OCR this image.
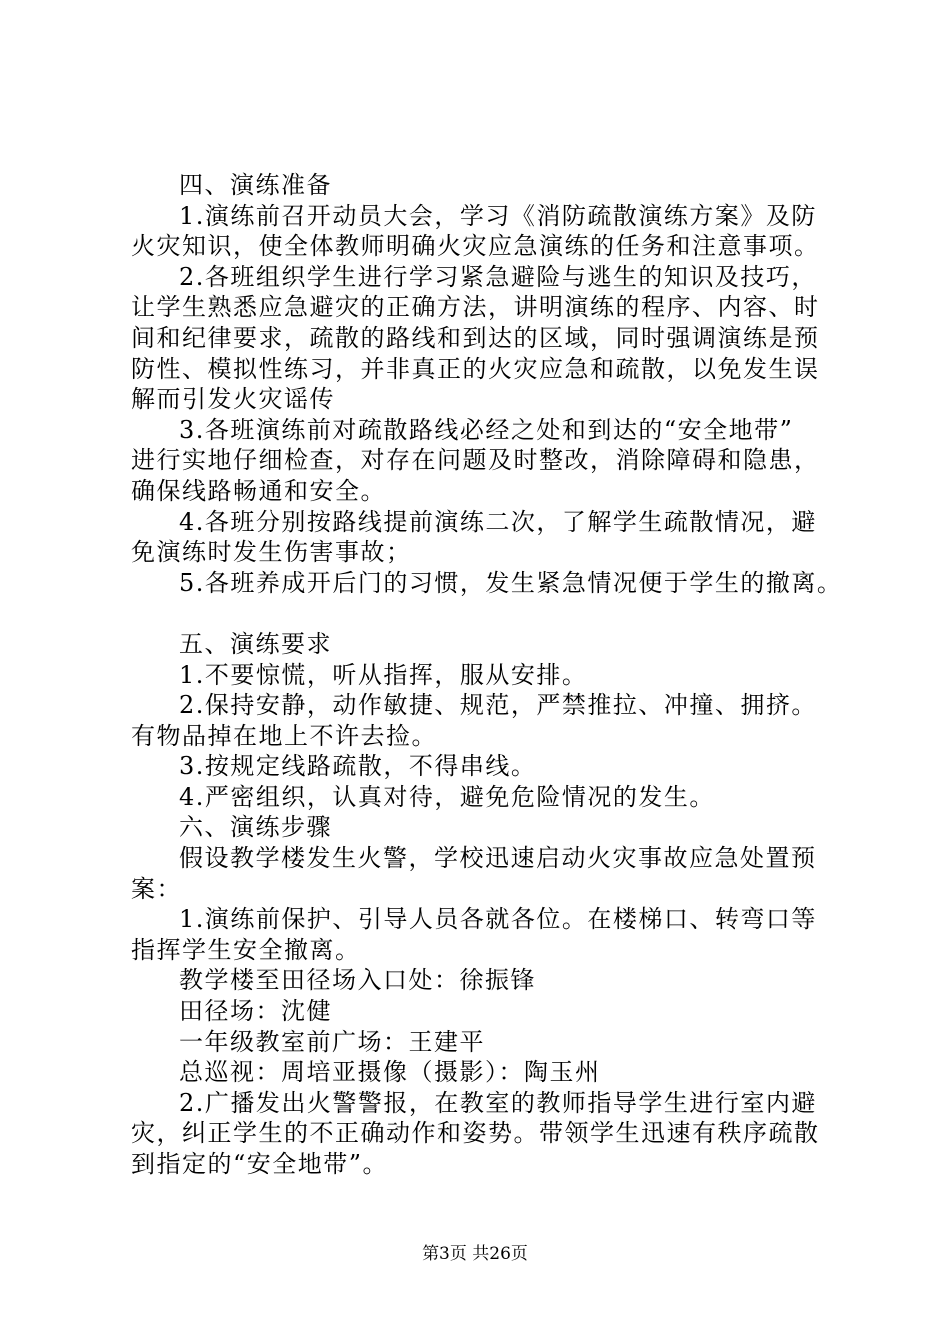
四、演练准备
1.演练前召开动员大会，学习《消防疏散演练方案》及防
火灾知识，使全体教师明确火灾应急演练的任务和注意事项。
2.各班组织学生进行学习紧急避险与逃生的知识及技巧，
让学生熟悉应急避灾的正确方法，讲明演练的程序、内容、时
间和纪律要求，疏散的路线和到达的区域，同时强调演练是预
防性、模拟性练习，并非真正的火灾应急和疏散，以免发生误
解而引发火灾谣传
3.各班演练前对疏散路线必经之处和到达的“安全地带”
进行实地仔细检查，对存在问题及时整改，消除障碍和隐患，
确保线路畅通和安全。
4.各班分别按路线提前演练二次，了解学生疏散情况，避
免演练时发生伤害事故；
5.各班养成开后门的习惯，发生紧急情况便于学生的撤离。
五、演练要求
1.不要惊慌，听从指挥，服从安排。
2.保持安静，动作敏捷、规范，严禁推拉、冲撞、拥挤。
有物品掉在地上不许去捡。
3.按规定线路疏散，不得串线。
4.严密组织，认真对待，避免危险情况的发生。
六、演练步骤
假设教学楼发生火警，学校迅速启动火灾事故应急处置预
案：
1.演练前保护、引导人员各就各位。在楼梯口、转弯口等
指挥学生安全撤离。
教学楼至田径场入口处：徐振锋
田径场：沈健
一年级教室前广场：王建平
总巡视：周培亚摄像（摄影）：陶玉州
2.广播发出火警警报，在教室的教师指导学生进行室内避
灾，纠正学生的不正确动作和姿势。带领学生迅速有秩序疏散
到指定的“安全地带”。
第3页 共26页
